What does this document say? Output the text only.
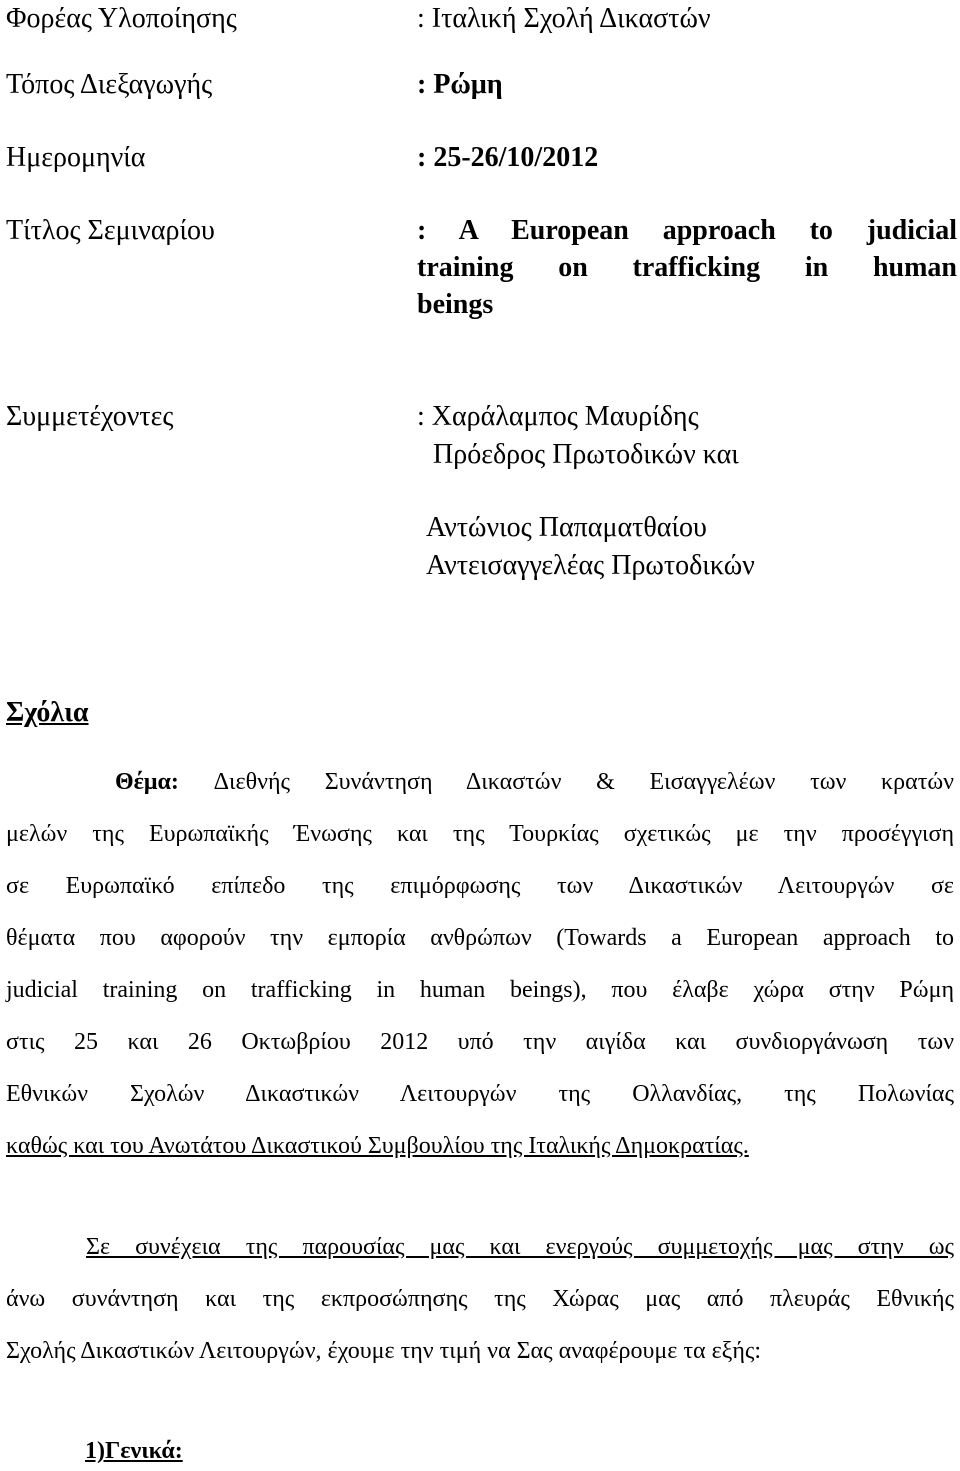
Φορέας Υλοποίησης	: Ιταλική Σχολή Δικαστών
Τόπος Διεξαγωγής	: Ρώμη
Ημερομηνία	: 25-26/10/2012
Τίτλος Σεμιναρίου	: A European approach to judicial
training on trafficking in human
beings
Συμμετέχοντες	: Χαράλαμπος Μαυρίδης
Πρόεδρος Πρωτοδικών και
Αντώνιος Παπαματθαίου
Αντεισαγγελέας Πρωτοδικών
Σχόλια
Θέμα: Διεθνής Συνάντηση Δικαστών & Εισαγγελέων των κρατών
μελών της Ευρωπαϊκής Ένωσης και της Τουρκίας σχετικώς με την προσέγγιση
σε Ευρωπαϊκό επίπεδο της επιμόρφωσης των Δικαστικών Λειτουργών σε
θέματα που αφορούν την εμπορία ανθρώπων (Towards a European approach to
judicial training on trafficking in human beings), που έλαβε χώρα στην Ρώμη
στις 25 και 26 Οκτωβρίου 2012 υπό την αιγίδα και συνδιοργάνωση των
Εθνικών Σχολών Δικαστικών Λειτουργών της Ολλανδίας, της Πολωνίας
καθώς και του Ανωτάτου Δικαστικού Συμβουλίου της Ιταλικής Δημοκρατίας.
Σε συνέχεια της παρουσίας μας και ενεργούς συμμετοχής μας στην ως
άνω συνάντηση και της εκπροσώπησης της Χώρας μας από πλευράς Εθνικής
Σχολής Δικαστικών Λειτουργών, έχουμε την τιμή να Σας αναφέρουμε τα εξής:
1)Γενικά:
